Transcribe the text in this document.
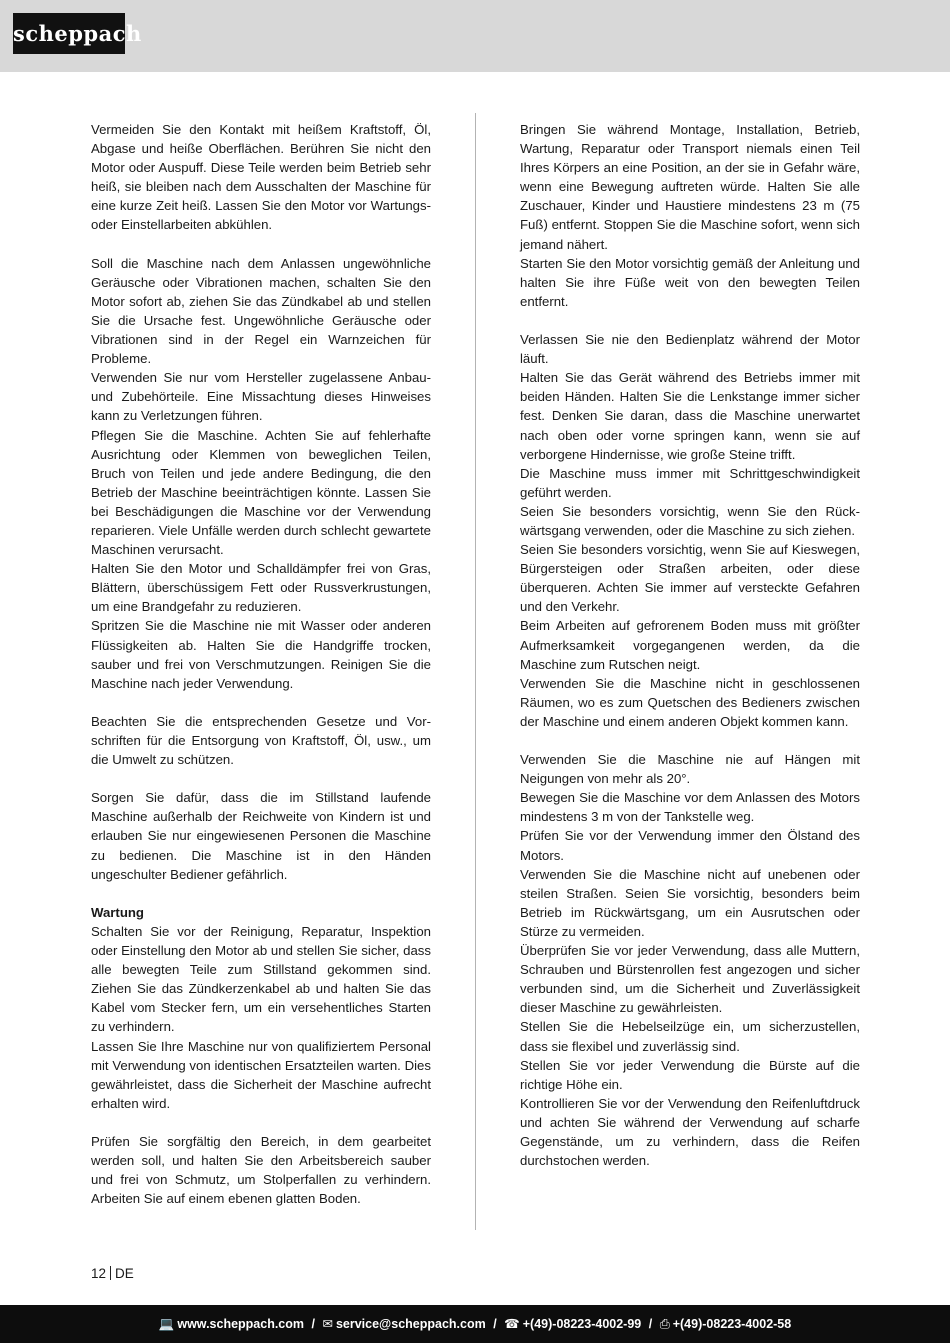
scheppach

Vermeiden Sie den Kontakt mit heißem Kraftstoff, Öl, Abgase und heiße Oberflächen. Berühren Sie nicht den Motor oder Auspuff. Diese Teile werden beim Betrieb sehr heiß, sie bleiben nach dem Ausschalten der Maschine für eine kurze Zeit heiß. Lassen Sie den Motor vor Wartungs- oder Einstellarbeiten abkühlen.

Soll die Maschine nach dem Anlassen ungewöhnliche Geräusche oder Vibrationen machen, schalten Sie den Motor sofort ab, ziehen Sie das Zündkabel ab und stellen Sie die Ursache fest. Ungewöhnliche Geräusche oder Vibrationen sind in der Regel ein Warnzeichen für Probleme.

Verwenden Sie nur vom Hersteller zugelassene Anbau- und Zubehörteile. Eine Missachtung dieses Hinweises kann zu Verletzungen führen.

Pflegen Sie die Maschine. Achten Sie auf fehlerhafte Ausrichtung oder Klemmen von beweglichen Teilen, Bruch von Teilen und jede andere Bedingung, die den Betrieb der Maschine beeinträchtigen könnte. Lassen Sie bei Beschädigungen die Maschine vor der Verwendung reparieren. Viele Unfälle werden durch schlecht gewartete Maschinen verursacht.

Halten Sie den Motor und Schalldämpfer frei von Gras, Blättern, überschüssigem Fett oder Russverkrustungen, um eine Brandgefahr zu reduzieren.

Spritzen Sie die Maschine nie mit Wasser oder anderen Flüssigkeiten ab. Halten Sie die Handgriffe trocken, sauber und frei von Verschmutzungen. Reinigen Sie die Maschine nach jeder Verwendung.

Beachten Sie die entsprechenden Gesetze und Vorschriften für die Entsorgung von Kraftstoff, Öl, usw., um die Umwelt zu schützen.

Sorgen Sie dafür, dass die im Stillstand laufende Maschine außerhalb der Reichweite von Kindern ist und erlauben Sie nur eingewiesenen Personen die Maschine zu bedienen. Die Maschine ist in den Händen ungeschulter Bediener gefährlich.

Wartung

Schalten Sie vor der Reinigung, Reparatur, Inspektion oder Einstellung den Motor ab und stellen Sie sicher, dass alle bewegten Teile zum Stillstand gekommen sind. Ziehen Sie das Zündkerzenkabel ab und halten Sie das Kabel vom Stecker fern, um ein versehentliches Starten zu verhindern.

Lassen Sie Ihre Maschine nur von qualifiziertem Personal mit Verwendung von identischen Ersatzteilen warten. Dies gewährleistet, dass die Sicherheit der Maschine aufrecht erhalten wird.

Prüfen Sie sorgfältig den Bereich, in dem gearbeitet werden soll, und halten Sie den Arbeitsbereich sauber und frei von Schmutz, um Stolperfallen zu verhindern. Arbeiten Sie auf einem ebenen glatten Boden.

Bringen Sie während Montage, Installation, Betrieb, Wartung, Reparatur oder Transport niemals einen Teil Ihres Körpers an eine Position, an der sie in Gefahr wäre, wenn eine Bewegung auftreten würde. Halten Sie alle Zuschauer, Kinder und Haustiere mindestens 23 m (75 Fuß) entfernt. Stoppen Sie die Maschine sofort, wenn sich jemand nähert.

Starten Sie den Motor vorsichtig gemäß der Anleitung und halten Sie ihre Füße weit von den bewegten Teilen entfernt.

Verlassen Sie nie den Bedienplatz während der Motor läuft.

Halten Sie das Gerät während des Betriebs immer mit beiden Händen. Halten Sie die Lenkstange immer sicher fest. Denken Sie daran, dass die Maschine unerwartet nach oben oder vorne springen kann, wenn sie auf verborgene Hindernisse, wie große Steine trifft.

Die Maschine muss immer mit Schrittgeschwindigkeit geführt werden.

Seien Sie besonders vorsichtig, wenn Sie den Rückwärtsgang verwenden, oder die Maschine zu sich ziehen.

Seien Sie besonders vorsichtig, wenn Sie auf Kieswegen, Bürgersteigen oder Straßen arbeiten, oder diese überqueren. Achten Sie immer auf versteckte Gefahren und den Verkehr.

Beim Arbeiten auf gefrorenem Boden muss mit größter Aufmerksamkeit vorgegangenen werden, da die Maschine zum Rutschen neigt.

Verwenden Sie die Maschine nicht in geschlossenen Räumen, wo es zum Quetschen des Bedieners zwischen der Maschine und einem anderen Objekt kommen kann.

Verwenden Sie die Maschine nie auf Hängen mit Neigungen von mehr als 20°.

Bewegen Sie die Maschine vor dem Anlassen des Motors mindestens 3 m von der Tankstelle weg.

Prüfen Sie vor der Verwendung immer den Ölstand des Motors.

Verwenden Sie die Maschine nicht auf unebenen oder steilen Straßen. Seien Sie vorsichtig, besonders beim Betrieb im Rückwärtsgang, um ein Ausrutschen oder Stürze zu vermeiden.

Überprüfen Sie vor jeder Verwendung, dass alle Muttern, Schrauben und Bürstenrollen fest angezogen und sicher verbunden sind, um die Sicherheit und Zuverlässigkeit dieser Maschine zu gewährleisten.

Stellen Sie die Hebelseilzüge ein, um sicherzustellen, dass sie flexibel und zuverlässig sind.

Stellen Sie vor jeder Verwendung die Bürste auf die richtige Höhe ein.

Kontrollieren Sie vor der Verwendung den Reifenluftdruck und achten Sie während der Verwendung auf scharfe Gegenstände, um zu verhindern, dass die Reifen durchstochen werden.

12 DE
💻 www.scheppach.com / ✉ service@scheppach.com / ☎ +(49)-08223-4002-99 / ⎙ +(49)-08223-4002-58
